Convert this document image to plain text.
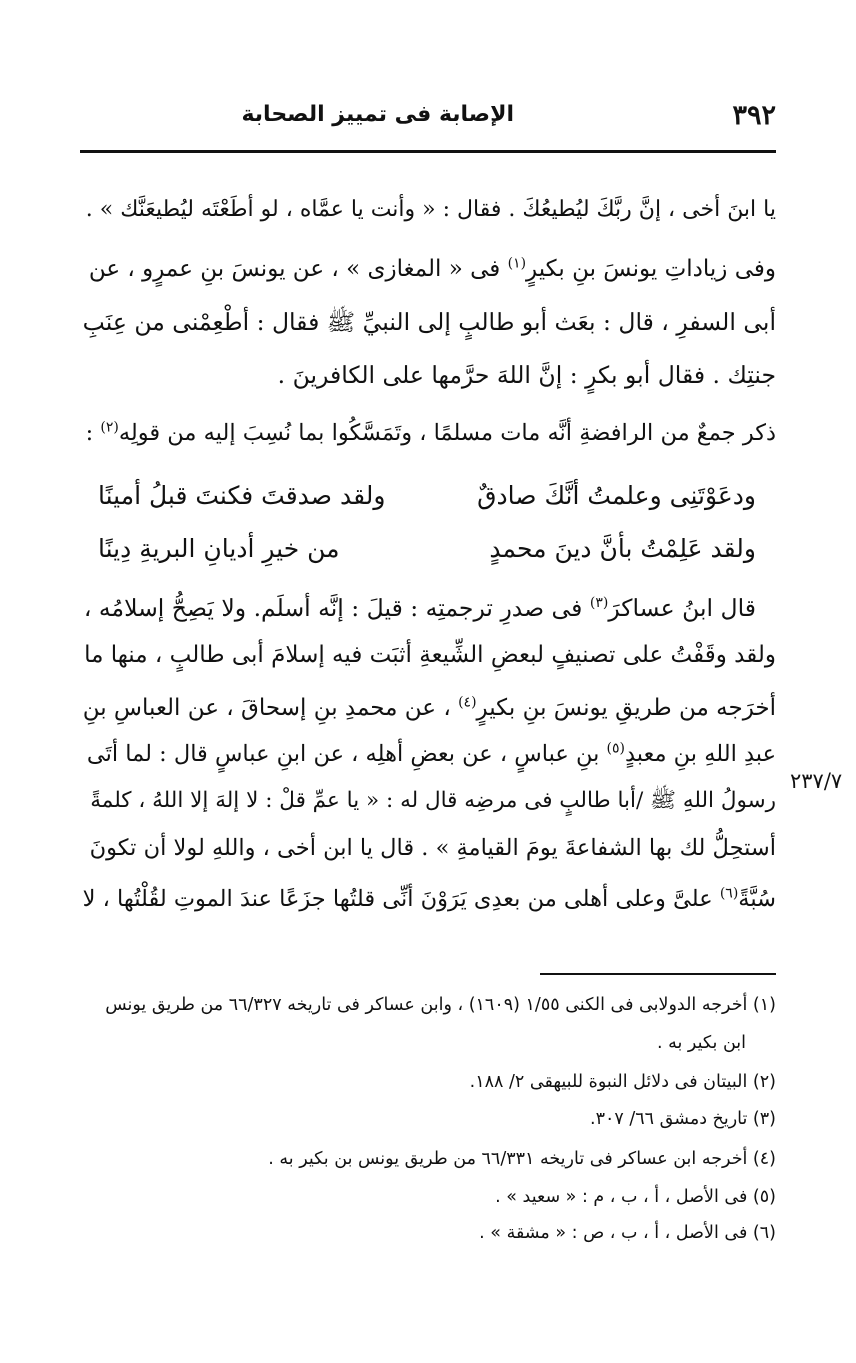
٣٩٢
الإصابة فى تمييز الصحابة
يا ابنَ أخى ، إنَّ ربَّكَ ليُطيعُكَ . فقال : « وأنت يا عمَّاه ، لو أطَعْتَه ليُطيعَنَّك » .
وفى زياداتِ يونسَ بنِ بكيرٍ$^{(١)}$ فى « المغازى » ، عن يونسَ بنِ عمرٍو ، عن
أبى السفرِ ، قال : بعَث أبو طالبٍ إلى النبيِّ ﷺ فقال : أطْعِمْنى من عِنَبِ
جنتِك . فقال أبو بكرٍ : إنَّ اللهَ حرَّمها على الكافرينَ .
ذكر جمعٌ من الرافضةِ أنَّه مات مسلمًا ، وتَمَسَّكُوا بما نُسِبَ إليه من قولِه$^{(٢)}$ :
ودعَوْتَنِى وعلمتُ أنَّكَ صادقٌ
ولقد صدقتَ فكنتَ قبلُ أمينًا
ولقد عَلِمْتُ بأنَّ دينَ محمدٍ
من خيرِ أديانِ البريةِ دِينًا
قال ابنُ عساكرَ$^{(٣)}$ فى صدرِ ترجمتِه : قيلَ : إنَّه أسلَم. ولا يَصِحُّ إسلامُه ،
ولقد وقَفْتُ على تصنيفٍ لبعضِ الشِّيعةِ أثبَت فيه إسلامَ أبى طالبٍ ، منها ما
أخرَجه من طريقِ يونسَ بنِ بكيرٍ$^{(٤)}$ ، عن محمدِ بنِ إسحاقَ ، عن العباسِ بنِ
عبدِ اللهِ بنِ معبدٍ$^{(٥)}$ بنِ عباسٍ ، عن بعضِ أهلِه ، عن ابنِ عباسٍ قال : لما أتَى
رسولُ اللهِ ﷺ /أبا طالبٍ فى مرضِه قال له : « يا عمِّ قلْ : لا إلهَ إلا اللهُ ، كلمةً
٢٣٧/٧
أستحِلُّ لك بها الشفاعةَ يومَ القيامةِ » . قال يا ابن أخى ، واللهِ لولا أن تكونَ
سُبَّةً$^{(٦)}$ علىَّ وعلى أهلى من بعدِى يَرَوْنَ أنِّى قلتُها جزَعًا عندَ الموتِ لقُلْتُها ، لا
(١) أخرجه الدولابى فى الكنى ١/٥٥ (١٦٠٩) ، وابن عساكر فى تاريخه ٦٦/٣٢٧ من طريق يونس
ابن بكير به .
(٢) البيتان فى دلائل النبوة للبيهقى ٢/ ١٨٨.
(٣) تاريخ دمشق ٦٦/ ٣٠٧.
(٤) أخرجه ابن عساكر فى تاريخه ٦٦/٣٣١ من طريق يونس بن بكير به .
(٥) فى الأصل ، أ ، ب ، م : « سعيد » .
(٦) فى الأصل ، أ ، ب ، ص : « مشقة » .
